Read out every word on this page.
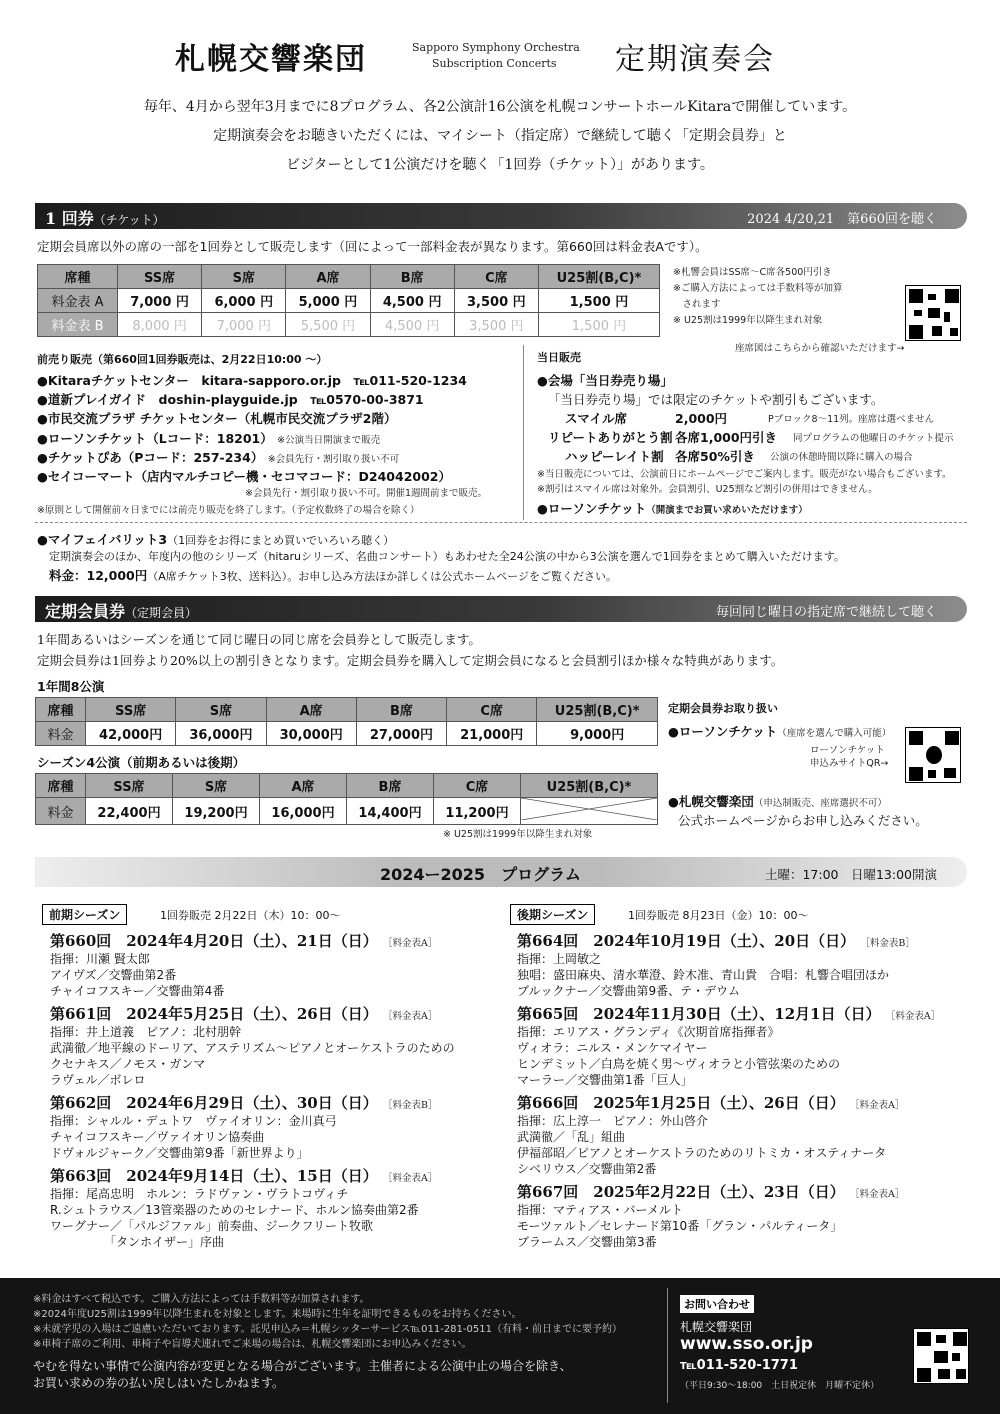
札幌交響楽団	Sapporo Symphony Orchestra
Subscription Concerts	定期演奏会
毎年、4月から翌年3月までに8プログラム、各2公演計16公演を札幌コンサートホールKitaraで開催しています。
定期演奏会をお聴きいただくには、マイシート（指定席）で継続して聴く「定期会員券」と
ビジターとして1公演だけを聴く「1回券（チケット）」があります。
1 回券（チケット）	2024 4/20,21　第660回を聴く
定期会員席以外の席の一部を1回券として販売します（回によって一部料金表が異なります。第660回は料金表Aです）。
席種	SS席	S席	A席	B席	C席	U25割(B,C)*
料金表 A	7,000 円	6,000 円	5,000 円	4,500 円	3,500 円	1,500 円
料金表 B	8,000 円	7,000 円	5,500 円	4,500 円	3,500 円	1,500 円
※札響会員はSS席～C席各500円引き
※ご購入方法によっては手数料等が加算
　されます
※ U25割は1999年以降生まれ対象
座席図はこちらから確認いただけます→
前売り販売（第660回1回券販売は、2月22日10:00 ～）
●Kitaraチケットセンター　kitara-sapporo.or.jp　℡011-520-1234
●道新プレイガイド　doshin-playguide.jp　℡0570-00-3871
●市民交流プラザ チケットセンター（札幌市民交流プラザ2階）
●ローソンチケット（Lコード：18201） ※公演当日開演まで販売
●チケットぴあ（Pコード：257-234） ※会員先行・割引取り扱い不可
●セイコーマート（店内マルチコピー機・セコマコード：D24042002）
※会員先行・割引取り扱い不可。開催1週間前まで販売。
※原則として開催前々日までには前売り販売を終了します。（予定枚数終了の場合を除く）
当日販売
●会場「当日券売り場」
「当日券売り場」では限定のチケットや割引もございます。
スマイル席	2,000円	Pブロック8～11列。座席は選べません
リピートありがとう割 各席1,000円引き 同プログラムの他曜日のチケット提示
ハッピーレイト割 各席50%引き 公演の休憩時間以降に購入の場合
※当日販売については、公演前日にホームページでご案内します。販売がない場合もございます。
※割引はスマイル席は対象外。会員割引、U25割など割引の併用はできません。
●ローソンチケット（開演までお買い求めいただけます）
●マイフェイバリット3（1回券をお得にまとめ買いでいろいろ聴く）
定期演奏会のほか、年度内の他のシリーズ（hitaruシリーズ、名曲コンサート）もあわせた全24公演の中から3公演を選んで1回券をまとめて購入いただけます。
料金：12,000円（A席チケット3枚、送料込）。お申し込み方法ほか詳しくは公式ホームページをご覧ください。
定期会員券（定期会員）	毎回同じ曜日の指定席で継続して聴く
1年間あるいはシーズンを通じて同じ曜日の同じ席を会員券として販売します。
定期会員券は1回券より20%以上の割引きとなります。定期会員券を購入して定期会員になると会員割引ほか様々な特典があります。
1年間8公演
席種	SS席	S席	A席	B席	C席	U25割(B,C)*
料金	42,000円	36,000円	30,000円	27,000円	21,000円	9,000円
シーズン4公演（前期あるいは後期）
席種	SS席	S席	A席	B席	C席	U25割(B,C)*
料金	22,400円	19,200円	16,000円	14,400円	11,200円	
※ U25割は1999年以降生まれ対象
定期会員券お取り扱い
●ローソンチケット（座席を選んで購入可能）
ローソンチケット
申込みサイトQR→
●札幌交響楽団（申込制販売、座席選択不可）
公式ホームページからお申し込みください。
2024ー2025　プログラム	土曜：17:00　日曜13:00開演
前期シーズン	1回券販売 2月22日（木）10：00～
第660回　2024年4月20日（土）、21日（日） ［料金表A］
指揮：川瀬 賢太郎
アイヴズ／交響曲第2番
チャイコフスキー／交響曲第4番
第661回　2024年5月25日（土）、26日（日） ［料金表A］
指揮：井上道義　ピアノ：北村朋幹
武満徹／地平線のドーリア、アステリズム～ピアノとオーケストラのための
クセナキス／ノモス・ガンマ
ラヴェル／ボレロ
第662回　2024年6月29日（土）、30日（日） ［料金表B］
指揮：シャルル・デュトワ　ヴァイオリン：金川真弓
チャイコフスキー／ヴァイオリン協奏曲
ドヴォルジャーク／交響曲第9番「新世界より」
第663回　2024年9月14日（土）、15日（日） ［料金表A］
指揮：尾高忠明　ホルン：ラドヴァン・ヴラトコヴィチ
R.シュトラウス／13管楽器のためのセレナード、ホルン協奏曲第2番
ワーグナー／「パルジファル」前奏曲、ジークフリート牧歌
　　　　　「タンホイザー」序曲
後期シーズン	1回券販売 8月23日（金）10：00～
第664回　2024年10月19日（土）、20日（日） ［料金表B］
指揮：上岡敏之
独唱：盛田麻央、清水華澄、鈴木准、青山貴　合唱：札響合唱団ほか
ブルックナー／交響曲第9番、テ・デウム
第665回　2024年11月30日（土）、12月1日（日） ［料金表A］
指揮：エリアス・グランディ《次期首席指揮者》
ヴィオラ：ニルス・メンケマイヤー
ヒンデミット／白鳥を焼く男～ヴィオラと小管弦楽のための
マーラー／交響曲第1番「巨人」
第666回　2025年1月25日（土）、26日（日） ［料金表A］
指揮：広上淳一　ピアノ：外山啓介
武満徹／「乱」組曲
伊福部昭／ピアノとオーケストラのためのリトミカ・オスティナータ
シベリウス／交響曲第2番
第667回　2025年2月22日（土）、23日（日） ［料金表A］
指揮：マティアス・バーメルト
モーツァルト／セレナード第10番「グラン・パルティータ」
ブラームス／交響曲第3番
※料金はすべて税込です。ご購入方法によっては手数料等が加算されます。
※2024年度U25割は1999年以降生まれを対象とします。来場時に生年を証明できるものをお持ちください。
※未就学児の入場はご遠慮いただいております。託児申込み＝札幌シッターサービス℡011-281-0511（有料・前日までに要予約）
※車椅子席のご利用、車椅子や盲導犬連れでご来場の場合は、札幌交響楽団にお申込みください。
やむを得ない事情で公演内容が変更となる場合がございます。主催者による公演中止の場合を除き、
お買い求めの券の払い戻しはいたしかねます。
お問い合わせ
札幌交響楽団
www.sso.or.jp
℡011-520-1771
（平日9:30～18:00　土日祝定休　月曜不定休）
